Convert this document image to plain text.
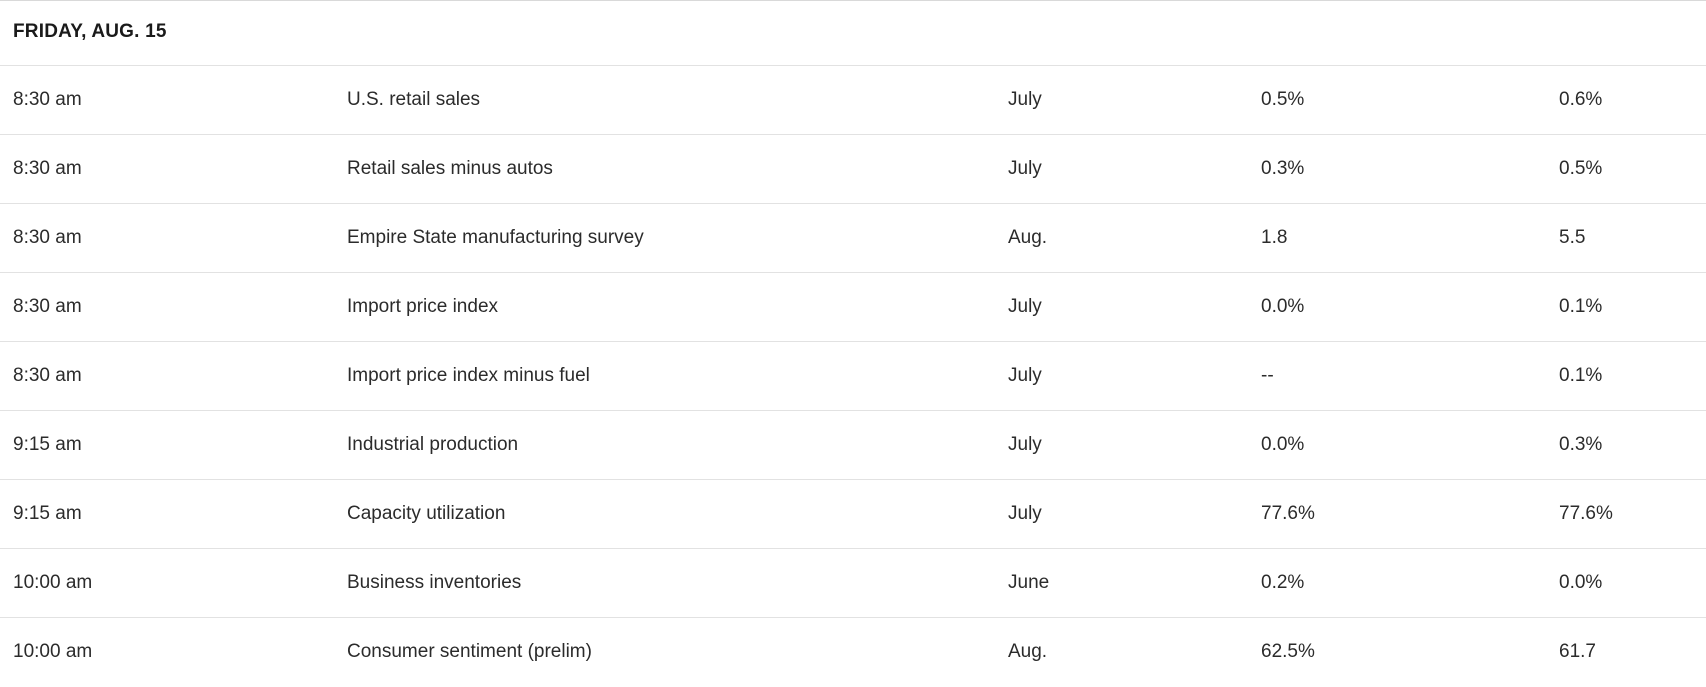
FRIDAY, AUG. 15
8:30 am	U.S. retail sales	July	0.5%	0.6%
8:30 am	Retail sales minus autos	July	0.3%	0.5%
8:30 am	Empire State manufacturing survey	Aug.	1.8	5.5
8:30 am	Import price index	July	0.0%	0.1%
8:30 am	Import price index minus fuel	July	--	0.1%
9:15 am	Industrial production	July	0.0%	0.3%
9:15 am	Capacity utilization	July	77.6%	77.6%
10:00 am	Business inventories	June	0.2%	0.0%
10:00 am	Consumer sentiment (prelim)	Aug.	62.5%	61.7
